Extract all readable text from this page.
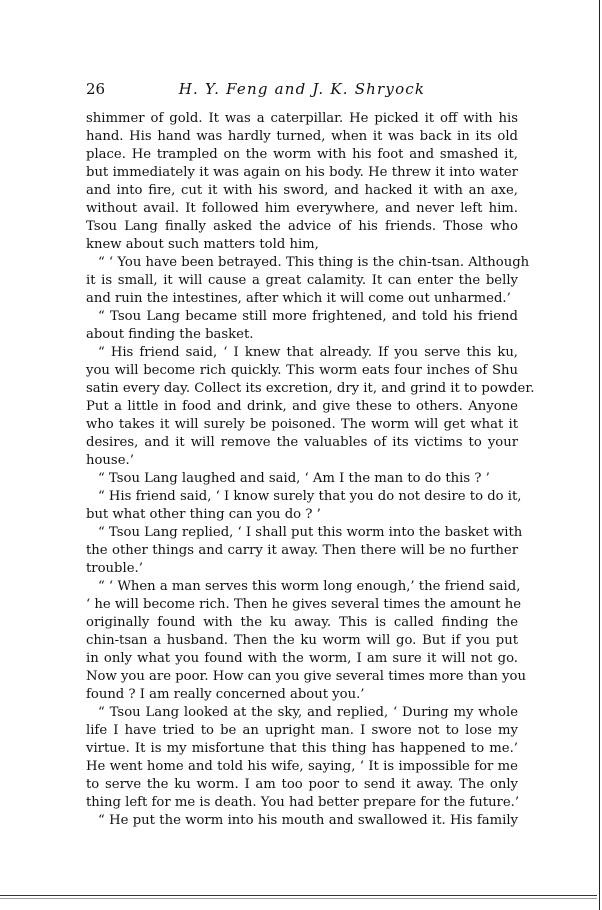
26	H. Y. Feng and J. K. Shryock
shimmer of gold. It was a caterpillar. He picked it off with his
hand. His hand was hardly turned, when it was back in its old
place. He trampled on the worm with his foot and smashed it,
but immediately it was again on his body. He threw it into water
and into fire, cut it with his sword, and hacked it with an axe,
without avail. It followed him everywhere, and never left him.
Tsou Lang finally asked the advice of his friends. Those who
knew about such matters told him,
“ ‘ You have been betrayed. This thing is the chin-tsan. Although
it is small, it will cause a great calamity. It can enter the belly
and ruin the intestines, after which it will come out unharmed.’
“ Tsou Lang became still more frightened, and told his friend
about finding the basket.
“ His friend said, ‘ I knew that already. If you serve this ku,
you will become rich quickly. This worm eats four inches of Shu
satin every day. Collect its excretion, dry it, and grind it to powder.
Put a little in food and drink, and give these to others. Anyone
who takes it will surely be poisoned. The worm will get what it
desires, and it will remove the valuables of its victims to your
house.’
“ Tsou Lang laughed and said, ‘ Am I the man to do this ? ’
“ His friend said, ‘ I know surely that you do not desire to do it,
but what other thing can you do ? ’
“ Tsou Lang replied, ‘ I shall put this worm into the basket with
the other things and carry it away. Then there will be no further
trouble.’
“ ‘ When a man serves this worm long enough,’ the friend said,
‘ he will become rich. Then he gives several times the amount he
originally found with the ku away. This is called finding the
chin-tsan a husband. Then the ku worm will go. But if you put
in only what you found with the worm, I am sure it will not go.
Now you are poor. How can you give several times more than you
found ? I am really concerned about you.’
“ Tsou Lang looked at the sky, and replied, ‘ During my whole
life I have tried to be an upright man. I swore not to lose my
virtue. It is my misfortune that this thing has happened to me.’
He went home and told his wife, saying, ‘ It is impossible for me
to serve the ku worm. I am too poor to send it away. The only
thing left for me is death. You had better prepare for the future.’
“ He put the worm into his mouth and swallowed it. His family
